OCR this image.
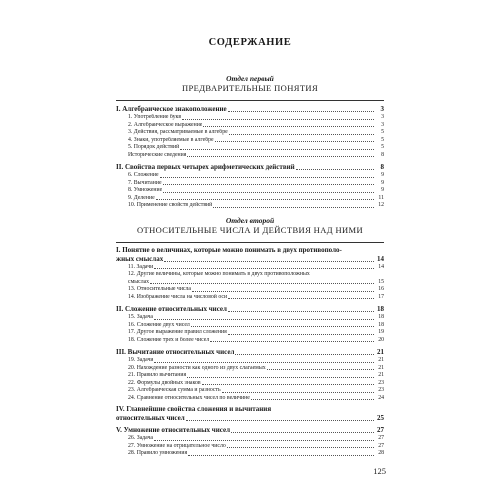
СОДЕРЖАНИЕ
Отдел первый
ПРЕДВАРИТЕЛЬНЫЕ ПОНЯТИЯ
I. Алгебраическое знакоположение	3
1. Употребление букв	3
2. Алгебраическое выражение	3
3. Действия, рассматриваемые в алгебре	5
4. Знаки, употребляемые в алгебре	5
5. Порядок действий	5
Исторические сведения	8
II. Свойства первых четырех арифметических действий	8
6. Сложение	9
7. Вычитание	9
8. Умножение	9
9. Деление	11
10. Применение свойств действий	12
Отдел второй
ОТНОСИТЕЛЬНЫЕ ЧИСЛА И ДЕЙСТВИЯ НАД НИМИ
I. Понятие о величинах, которые можно понимать в двух противополо-
жных смыслах	14
11. Задачи	14
12. Другие величины, которые можно понимать в двух противоположных
смыслах	15
13. Относительные числа	16
14. Изображение числа на числовой оси	17
II. Сложение относительных чисел	18
15. Задача	18
16. Сложение двух чисел	18
17. Другое выражение правил сложения	19
18. Сложение трех и более чисел	20
III. Вычитание относительных чисел	21
19. Задачи	21
20. Нахождение разности как одного из двух слагаемых	21
21. Правило вычитания	21
22. Формулы двойных знаков	23
23. Алгебраическая сумма и разность	23
24. Сравнение относительных чисел по величине	24
IV. Главнейшие свойства сложения и вычитания
относительных чисел	25
V. Умножение относительных чисел	27
26. Задача	27
27. Умножение на отрицательное число	27
28. Правило умножения	28
125
